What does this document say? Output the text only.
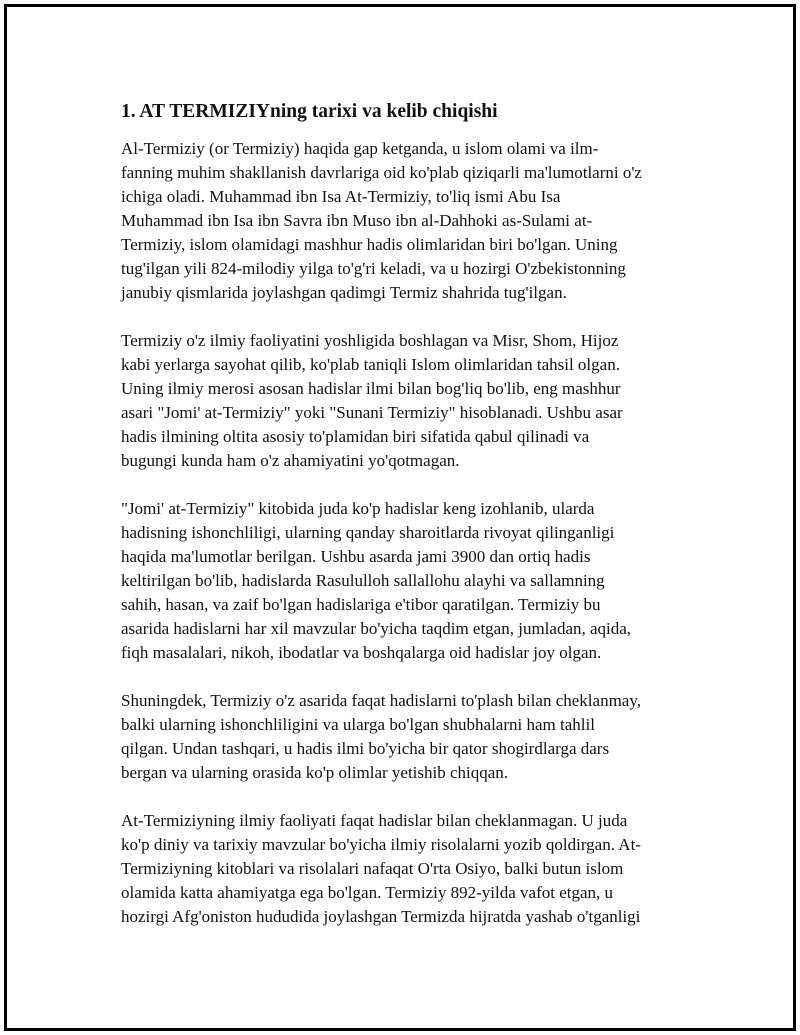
1. AT TERMIZIYning tarixi va kelib chiqishi
Al-Termiziy (or Termiziy) haqida gap ketganda, u islom olami va ilm-
fanning muhim shakllanish davrlariga oid ko'plab qiziqarli ma'lumotlarni o'z
ichiga oladi. Muhammad ibn Isa At-Termiziy, to'liq ismi Abu Isa
Muhammad ibn Isa ibn Savra ibn Muso ibn al-Dahhoki as-Sulami at-
Termiziy, islom olamidagi mashhur hadis olimlaridan biri bo'lgan. Uning
tug'ilgan yili 824-milodiy yilga to'g'ri keladi, va u hozirgi O'zbekistonning
janubiy qismlarida joylashgan qadimgi Termiz shahrida tug'ilgan.
Termiziy o'z ilmiy faoliyatini yoshligida boshlagan va Misr, Shom, Hijoz
kabi yerlarga sayohat qilib, ko'plab taniqli Islom olimlaridan tahsil olgan.
Uning ilmiy merosi asosan hadislar ilmi bilan bog'liq bo'lib, eng mashhur
asari "Jomi' at-Termiziy" yoki "Sunani Termiziy" hisoblanadi. Ushbu asar
hadis ilmining oltita asosiy to'plamidan biri sifatida qabul qilinadi va
bugungi kunda ham o'z ahamiyatini yo'qotmagan.
"Jomi' at-Termiziy" kitobida juda ko'p hadislar keng izohlanib, ularda
hadisning ishonchliligi, ularning qanday sharoitlarda rivoyat qilinganligi
haqida ma'lumotlar berilgan. Ushbu asarda jami 3900 dan ortiq hadis
keltirilgan bo'lib, hadislarda Rasululloh sallallohu alayhi va sallamning
sahih, hasan, va zaif bo'lgan hadislariga e'tibor qaratilgan. Termiziy bu
asarida hadislarni har xil mavzular bo'yicha taqdim etgan, jumladan, aqida,
fiqh masalalari, nikoh, ibodatlar va boshqalarga oid hadislar joy olgan.
Shuningdek, Termiziy o'z asarida faqat hadislarni to'plash bilan cheklanmay,
balki ularning ishonchliligini va ularga bo'lgan shubhalarni ham tahlil
qilgan. Undan tashqari, u hadis ilmi bo'yicha bir qator shogirdlarga dars
bergan va ularning orasida ko'p olimlar yetishib chiqqan.
At-Termiziyning ilmiy faoliyati faqat hadislar bilan cheklanmagan. U juda
ko'p diniy va tarixiy mavzular bo'yicha ilmiy risolalarni yozib qoldirgan. At-
Termiziyning kitoblari va risolalari nafaqat O'rta Osiyo, balki butun islom
olamida katta ahamiyatga ega bo'lgan. Termiziy 892-yilda vafot etgan, u
hozirgi Afg'oniston hududida joylashgan Termizda hijratda yashab o'tganligi
